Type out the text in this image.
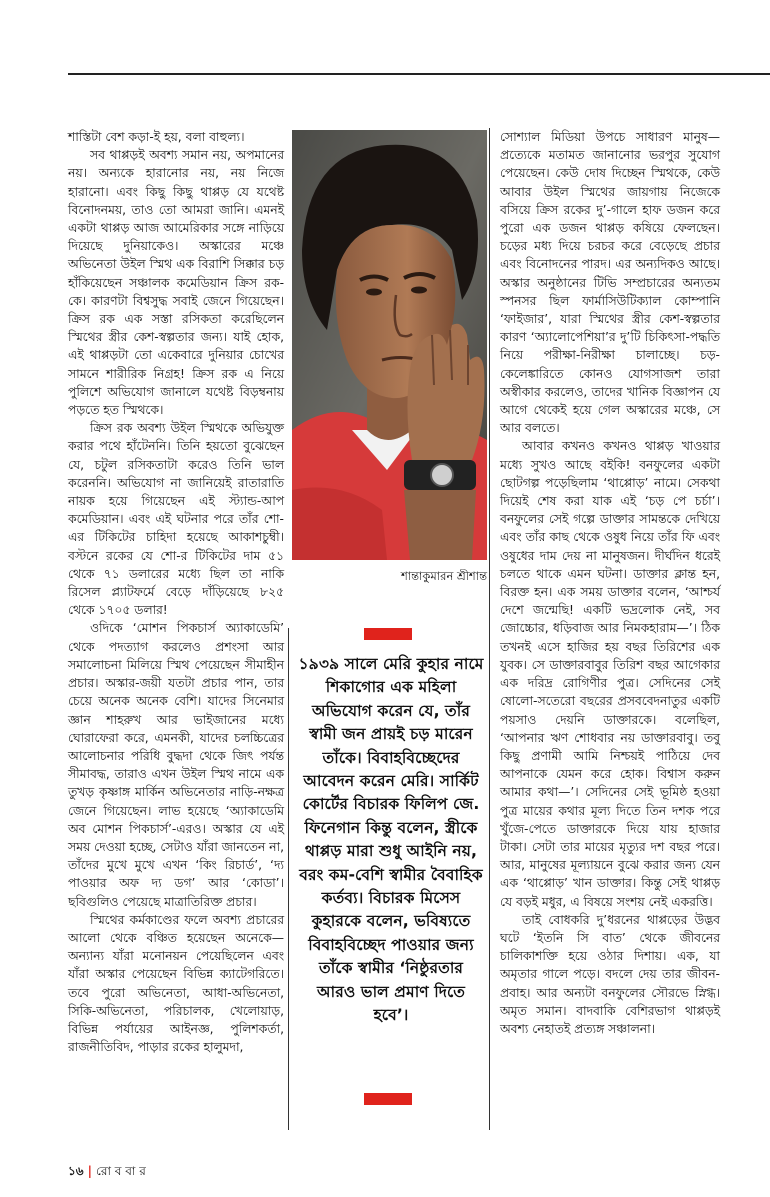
শাস্তিটা বেশ কড়া-ই হয়, বলা বাহুল্য।

সব থাপ্পড়ই অবশ্য সমান নয়, অপমানের নয়। অন্যকে হারানোর নয়, নয় নিজে হারানো। এবং কিছু কিছু থাপ্পড় যে যথেষ্ট বিনোদনময়, তাও তো আমরা জানি। এমনই একটা থাপ্পড় আজ আমেরিকার সঙ্গে নাড়িয়ে দিয়েছে দুনিয়াকেও। অস্কারের মঞ্চে অভিনেতা উইল স্মিথ এক বিরাশি সিক্কার চড় হাঁকিয়েছেন সঞ্চালক কমেডিয়ান ক্রিস রক-কে। কারণটা বিশ্বসুদ্ধ সবাই জেনে গিয়েছেন। ক্রিস রক এক সস্তা রসিকতা করেছিলেন স্মিথের স্ত্রীর কেশ-স্বল্পতার জন্য। যাই হোক, এই থাপ্পড়টা তো একেবারে দুনিয়ার চোখের সামনে শারীরিক নিগ্রহ! ক্রিস রক এ নিয়ে পুলিশে অভিযোগ জানালে যথেষ্ট বিড়ম্বনায় পড়তে হত স্মিথকে।

ক্রিস রক অবশ্য উইল স্মিথকে অভিযুক্ত করার পথে হাঁটেননি। তিনি হয়তো বুঝেছেন যে, চটুল রসিকতাটা করেও তিনি ভাল করেননি। অভিযোগ না জানিয়েই রাতারাতি নায়ক হয়ে গিয়েছেন এই স্ট্যান্ড-আপ কমেডিয়ান। এবং এই ঘটনার পরে তাঁর শো-এর টিকিটের চাহিদা হয়েছে আকাশচুম্বী। বস্টনে রকের যে শো-র টিকিটের দাম ৫১ থেকে ৭১ ডলারের মধ্যে ছিল তা নাকি রিসেল প্ল্যাটফর্মে বেড়ে দাঁড়িয়েছে ৮২৫ থেকে ১৭০৫ ডলার!

ওদিকে ‘মোশন পিকচার্স অ্যাকাডেমি’ থেকে পদত্যাগ করলেও প্রশংসা আর সমালোচনা মিলিয়ে স্মিথ পেয়েছেন সীমাহীন প্রচার। অস্কার-জয়ী যতটা প্রচার পান, তার চেয়ে অনেক অনেক বেশি। যাদের সিনেমার জ্ঞান শাহরুখ আর ভাইজানের মধ্যে ঘোরাফেরা করে, এমনকী, যাদের চলচ্চিত্রের আলোচনার পরিধি বুদ্ধদা থেকে জিৎ পর্যন্ত সীমাবদ্ধ, তারাও এখন উইল স্মিথ নামে এক তুখড় কৃষ্ণাঙ্গ মার্কিন অভিনেতার নাড়ি-নক্ষত্র জেনে গিয়েছেন। লাভ হয়েছে ‘অ্যাকাডেমি অব মোশন পিকচার্স’-এরও। অস্কার যে এই সময় দেওয়া হচ্ছে, সেটাও যাঁরা জানতেন না, তাঁদের মুখে মুখে এখন ‘কিং রিচার্ড’, ‘দ্য পাওয়ার অফ দ্য ডগ’ আর ‘কোডা’। ছবিগুলিও পেয়েছে মাত্রাতিরিক্ত প্রচার।

স্মিথের কর্মকাণ্ডের ফলে অবশ্য প্রচারের আলো থেকে বঞ্চিত হয়েছেন অনেকে— অন্যান্য যাঁরা মনোনয়ন পেয়েছিলেন এবং যাঁরা অস্কার পেয়েছেন বিভিন্ন ক্যাটেগরিতে। তবে পুরো অভিনেতা, আধা-অভিনেতা, সিকি-অভিনেতা, পরিচালক, খেলোয়াড়, বিভিন্ন পর্যায়ের আইনজ্ঞ, পুলিশকর্তা, রাজনীতিবিদ, পাড়ার রকের হালুমদা,

শান্তাকুমারন শ্রীশান্ত
১৯৩৯ সালে মেরি কুহার নামে শিকাগোর এক মহিলা অভিযোগ করেন যে, তাঁর স্বামী জন প্রায়ই চড় মারেন তাঁকে। বিবাহবিচ্ছেদের আবেদন করেন মেরি। সার্কিট কোর্টের বিচারক ফিলিপ জে. ফিনেগান কিন্তু বলেন, স্ত্রীকে থাপ্পড় মারা শুধু আইনি নয়, বরং কম-বেশি স্বামীর বৈবাহিক কর্তব্য। বিচারক মিসেস কুহারকে বলেন, ভবিষ্যতে বিবাহবিচ্ছেদ পাওয়ার জন্য তাঁকে স্বামীর ‘নিষ্ঠুরতার আরও ভাল প্রমাণ দিতে হবে’।

সোশ্যাল মিডিয়া উপচে সাধারণ মানুষ— প্রত্যেকে মতামত জানানোর ভরপুর সুযোগ পেয়েছেন। কেউ দোষ দিচ্ছেন স্মিথকে, কেউ আবার উইল স্মিথের জায়গায় নিজেকে বসিয়ে ক্রিস রকের দু’-গালে হাফ ডজন করে পুরো এক ডজন থাপ্পড় কষিয়ে ফেলছেন। চড়ের মধ্য দিয়ে চরচর করে বেড়েছে প্রচার এবং বিনোদনের পারদ। এর অন্যদিকও আছে। অস্কার অনুষ্ঠানের টিভি সম্প্রচারের অন্যতম স্পনসর ছিল ফার্মাসিউটিক্যাল কোম্পানি ‘ফাইজার’, যারা স্মিথের স্ত্রীর কেশ-স্বল্পতার কারণ ‘অ্যালোপেশিয়া’র দু’টি চিকিৎসা-পদ্ধতি নিয়ে পরীক্ষা-নিরীক্ষা চালাচ্ছে। চড়-কেলেঙ্কারিতে কোনও যোগসাজশ তারা অস্বীকার করলেও, তাদের খানিক বিজ্ঞাপন যে আগে থেকেই হয়ে গেল অস্কারের মঞ্চে, সে আর বলতে।

আবার কখনও কখনও থাপ্পড় খাওয়ার মধ্যে সুখও আছে বইকি! বনফুলের একটা ছোটগল্প পড়েছিলাম ‘থাপ্পোড়’ নামে। সেকথা দিয়েই শেষ করা যাক এই ‘চড় পে চর্চা’। বনফুলের সেই গল্পে ডাক্তার সামন্তকে দেখিয়ে এবং তাঁর কাছ থেকে ওষুধ নিয়ে তাঁর ফি এবং ওষুধের দাম দেয় না মানুষজন। দীর্ঘদিন ধরেই চলতে থাকে এমন ঘটনা। ডাক্তার ক্লান্ত হন, বিরক্ত হন। এক সময় ডাক্তার বলেন, ‘আশ্চর্য দেশে জন্মেছি! একটি ভদ্রলোক নেই, সব জোচ্চোর, ধড়িবাজ আর নিমকহারাম—’। ঠিক তখনই এসে হাজির হয় বছর তিরিশের এক যুবক। সে ডাক্তারবাবুর তিরিশ বছর আগেকার এক দরিদ্র রোগিণীর পুত্র। সেদিনের সেই ষোলো-সতেরো বছরের প্রসববেদনাতুর একটি পয়সাও দেয়নি ডাক্তারকে। বলেছিল, ‘আপনার ঋণ শোধবার নয় ডাক্তারবাবু। তবু কিছু প্রণামী আমি নিশ্চয়ই পাঠিয়ে দেব আপনাকে যেমন করে হোক। বিশ্বাস করুন আমার কথা—’। সেদিনের সেই ভূমিষ্ঠ হওয়া পুত্র মায়ের কথার মূল্য দিতে তিন দশক পরে খুঁজে-পেতে ডাক্তারকে দিয়ে যায় হাজার টাকা। সেটা তার মায়ের মৃত্যুর দশ বছর পরে। আর, মানুষের মূল্যায়নে বুঝে করার জন্য যেন এক ‘থাপ্পোড়’ খান ডাক্তার। কিন্তু সেই থাপ্পড় যে বড়ই মধুর, এ বিষয়ে সংশয় নেই একরত্তি।

তাই বোধকরি দু’ধরনের থাপ্পড়ের উদ্ভব ঘটে ‘ইতনি সি বাত’ থেকে জীবনের চালিকাশক্তি হয়ে ওঠার দিশায়। এক, যা অমৃতার গালে পড়ে। বদলে দেয় তার জীবন-প্রবাহ। আর অন্যটা বনফুলের সৌরভে স্নিগ্ধ। অমৃত সমান। বাদবাকি বেশিরভাগ থাপ্পড়ই অবশ্য নেহাতই প্রত্যঙ্গ সঞ্চালনা।

১৬ | রো ব বা র
